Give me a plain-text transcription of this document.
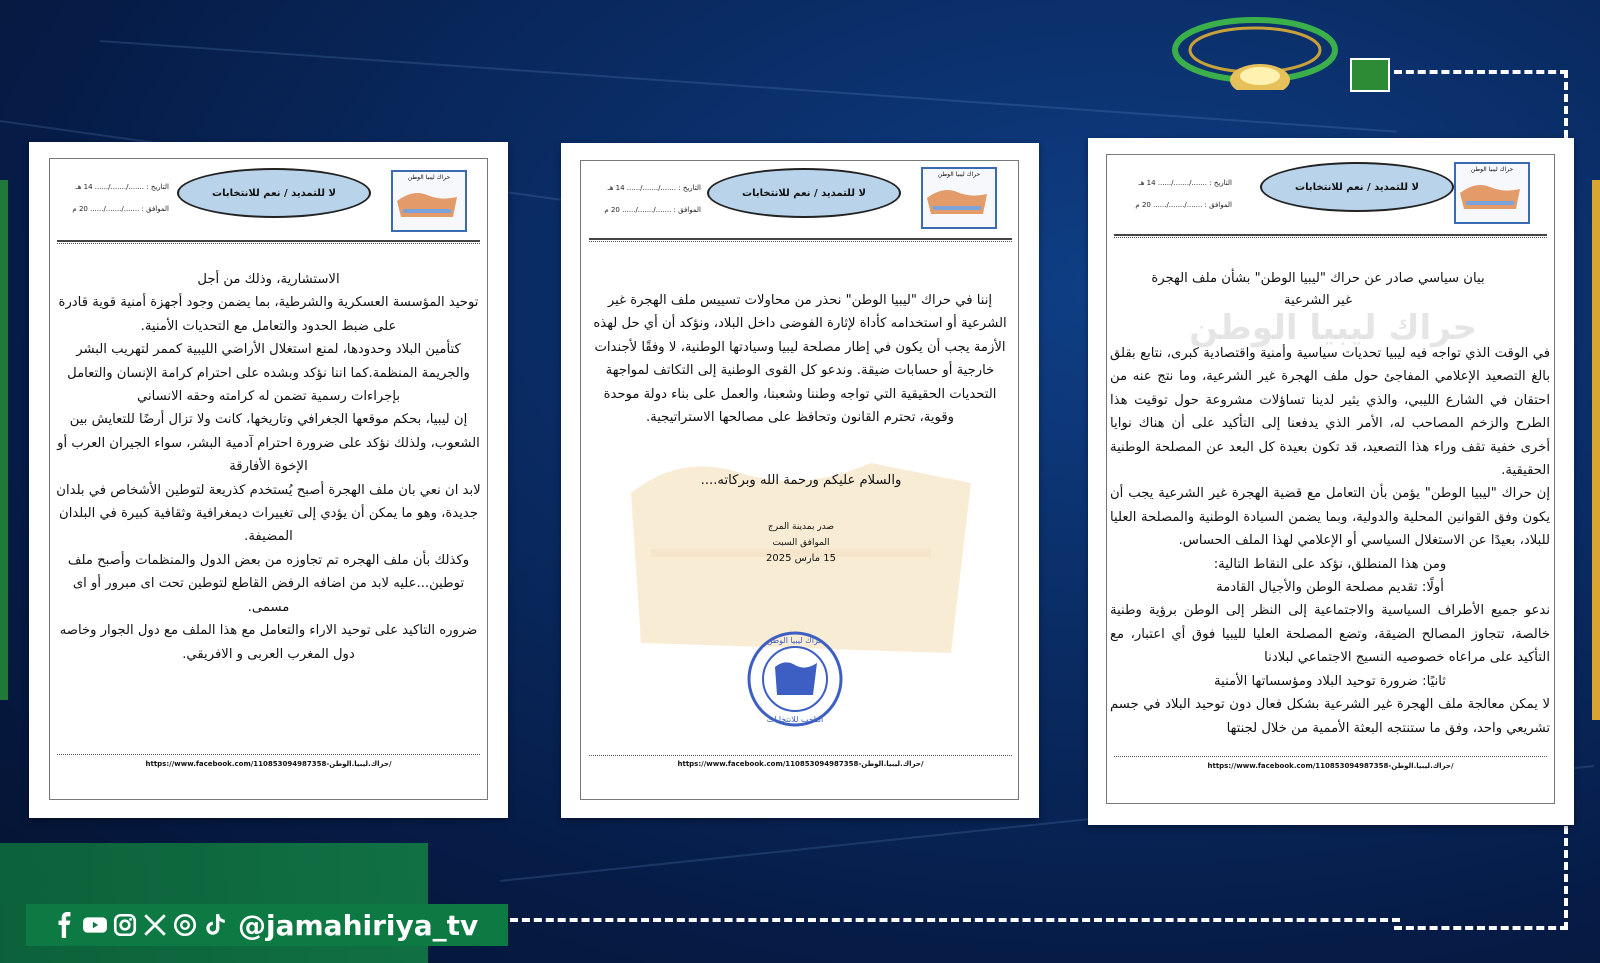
@jamahiriya_tv
حراك ليبيا الوطن
لا للتمديد / نعم للانتخابات
التاريخ : ......./......./...... 14 هـ
الموافق : ......./......./...... 20 م

الاستشارية، وذلك من أجل

توحيد المؤسسة العسكرية والشرطية، بما يضمن وجود أجهزة أمنية قوية قادرة على ضبط الحدود والتعامل مع التحديات الأمنية.

كتأمين البلاد وحدودها، لمنع استغلال الأراضي الليبية كممر لتهريب البشر والجريمة المنظمة.كما اننا نؤكد وبشده على احترام كرامة الإنسان والتعامل بإجراءات رسمية تضمن له كرامته وحقه الانساني

إن ليبيا، بحكم موقعها الجغرافي وتاريخها، كانت ولا تزال أرضًا للتعايش بين الشعوب، ولذلك نؤكد على ضرورة احترام آدمية البشر، سواء الجيران العرب أو الإخوة الأفارقة

لابد ان نعي بان ملف الهجرة أصبح يُستخدم كذريعة لتوطين الأشخاص في بلدان جديدة، وهو ما يمكن أن يؤدي إلى تغييرات ديمغرافية وثقافية كبيرة في البلدان المضيفة.

وكذلك بأن ملف الهجره تم تجاوزه من بعض الدول والمنظمات وأصبح ملف توطين...عليه لابد من اضافه الرفض القاطع لتوطين تحت اى مبرور أو اى مسمى.

ضروره التاكيد على توحيد الاراء والتعامل مع هذا الملف مع دول الجوار وخاصه دول المغرب العربى و الافريقي.

https://www.facebook.com/110853094987358-حراك.ليبيا.الوطن/
حراك ليبيا الوطن
لا للتمديد / نعم للانتخابات
التاريخ : ......./......./...... 14 هـ
الموافق : ......./......./...... 20 م

إننا في حراك "ليبيا الوطن" نحذر من محاولات تسييس ملف الهجرة غير الشرعية أو استخدامه كأداة لإثارة الفوضى داخل البلاد، ونؤكد أن أي حل لهذه الأزمة يجب أن يكون في إطار مصلحة ليبيا وسيادتها الوطنية، لا وفقًا لأجندات خارجية أو حسابات ضيقة. وندعو كل القوى الوطنية إلى التكاتف لمواجهة التحديات الحقيقية التي تواجه وطننا وشعبنا، والعمل على بناء دولة موحدة وقوية، تحترم القانون وتحافظ على مصالحها الاستراتيجية.

والسلام عليكم ورحمة الله وبركاته....
صدر بمدينة المرج
الموافق السبت
15 مارس 2025
حراك ليبيا الوطن
الناخب للانتخابات
https://www.facebook.com/110853094987358-حراك.ليبيا.الوطن/
حراك ليبيا الوطن
لا للتمديد / نعم للانتخابات
التاريخ : ......./......./...... 14 هـ
الموافق : ......./......./...... 20 م
حراك ليبيا الوطن
بيان سياسي صادر عن حراك "ليبيا الوطن" بشأن ملف الهجرة غير الشرعية

في الوقت الذي تواجه فيه ليبيا تحديات سياسية وأمنية واقتصادية كبرى، نتابع بقلق بالغ التصعيد الإعلامي المفاجئ حول ملف الهجرة غير الشرعية، وما نتج عنه من احتقان في الشارع الليبي، والذي يثير لدينا تساؤلات مشروعة حول توقيت هذا الطرح والزخم المصاحب له، الأمر الذي يدفعنا إلى التأكيد على أن هناك نوايا أخرى خفية تقف وراء هذا التصعيد، قد تكون بعيدة كل البعد عن المصلحة الوطنية الحقيقية.

إن حراك "ليبيا الوطن" يؤمن بأن التعامل مع قضية الهجرة غير الشرعية يجب أن يكون وفق القوانين المحلية والدولية، وبما يضمن السيادة الوطنية والمصلحة العليا للبلاد، بعيدًا عن الاستغلال السياسي أو الإعلامي لهذا الملف الحساس.

ومن هذا المنطلق، نؤكد على النقاط التالية:

أولًا: تقديم مصلحة الوطن والأجيال القادمة

ندعو جميع الأطراف السياسية والاجتماعية إلى النظر إلى الوطن برؤية وطنية خالصة، تتجاوز المصالح الضيقة، وتضع المصلحة العليا لليبيا فوق أي اعتبار، مع التأكيد على مراعاه خصوصيه النسيج الاجتماعي لبلادنا

ثانيًا: ضرورة توحيد البلاد ومؤسساتها الأمنية

لا يمكن معالجة ملف الهجرة غير الشرعية بشكل فعال دون توحيد البلاد في جسم تشريعي واحد، وفق ما ستنتجه البعثة الأممية من خلال لجنتها

https://www.facebook.com/110853094987358-حراك.ليبيا.الوطن/
